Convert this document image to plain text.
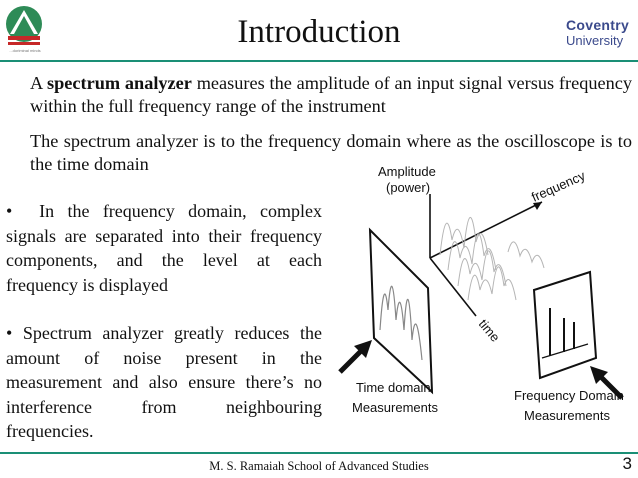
...doriminal minds
Introduction	Coventry
University
A spectrum analyzer measures the amplitude of an input signal versus frequency within the full frequency range of the instrument
The spectrum analyzer is to the frequency domain where as the oscilloscope is to the time domain
• In the frequency domain, complex signals are separated into their frequency components, and the level at each frequency is displayed
• Spectrum analyzer greatly reduces the amount of noise present in the measurement and also ensure there’s no interference from neighbouring frequencies.
Amplitude
(power)	frequency
time
Time domain
Measurements
Frequency Domain
Measurements
M. S. Ramaiah School of Advanced Studies	3
